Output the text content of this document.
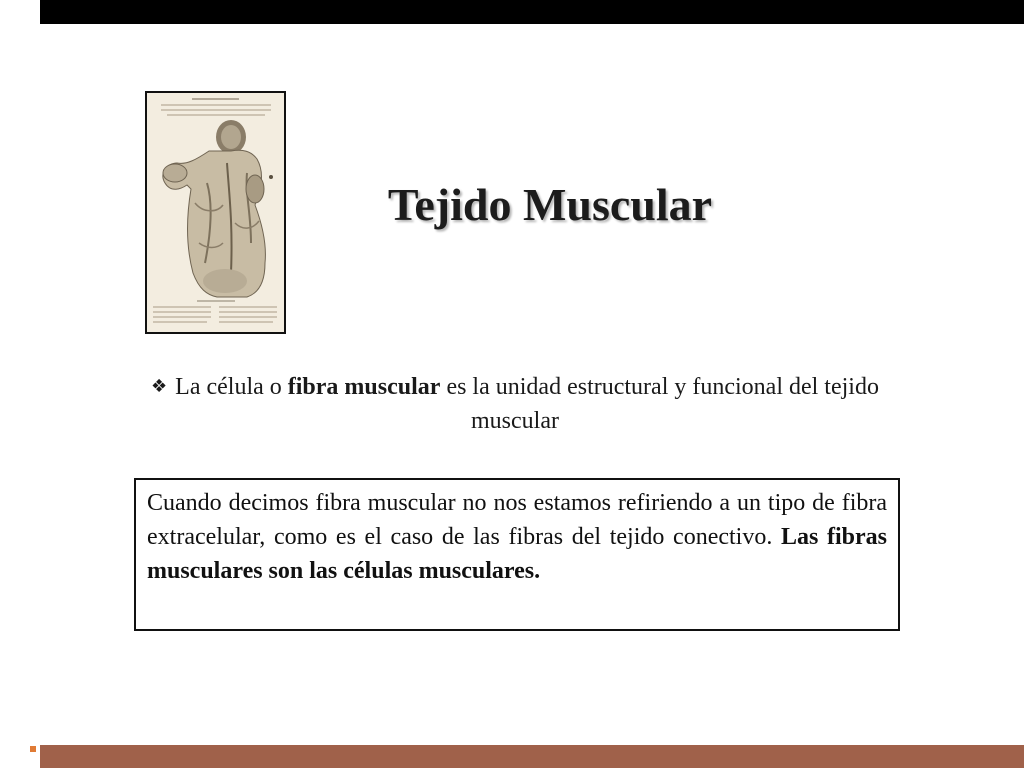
Tejido Muscular
❖ La célula o fibra muscular es la unidad estructural y funcional del tejido muscular
Cuando decimos fibra muscular no nos estamos refiriendo a un tipo de fibra extracelular, como es el caso de las fibras del tejido conectivo. Las fibras musculares son las células musculares.
